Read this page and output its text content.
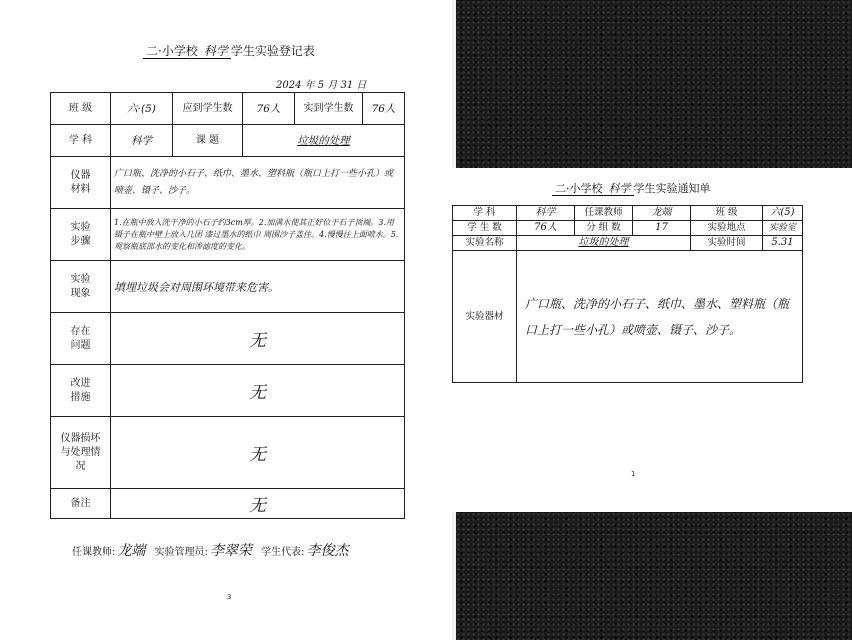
二·小学校 科学 学生实验登记表
2024 年 5 月 31 日
班 级	六·(5)	应到学生数	76人	实到学生数	76人
学 科	科学	课 题	垃圾的处理		
仪器材料	广口瓶、洗净的小石子、纸巾、墨水、塑料瓶（瓶口上打一些小孔）或喷壶、镊子、沙子。				
实验步骤	1.在瓶中放入洗干净的小石子约3cm厚。2.加满水使其正好位于石子顶端。3.用镊子在瓶中壁上放入几团 漆过墨水的纸巾 周围沙子盖住。4.慢慢往上面喷水。5.观察瓶底部水的变化和渗滤度的变化。				
实验现象	填埋垃圾会对周围环境带来危害。				
存在问题	无				
改进措施	无				
仪器损坏与处理情况	无				
备注	无				
任课教师: 龙端 实验管理员: 李翠荣 学生代表: 李俊杰
3
二·小学校 科学 学生实验通知单
1
学 科	科学	任课教师	龙端	班 级	六(5)
学 生 数	76人	分 组 数	17	实验地点	实验室
实验名称	垃圾的处理			实验时间	5.31
实验器材	广口瓶、洗净的小石子、纸巾、墨水、塑料瓶（瓶口上打一些小孔）或喷壶、镊子、沙子。				
